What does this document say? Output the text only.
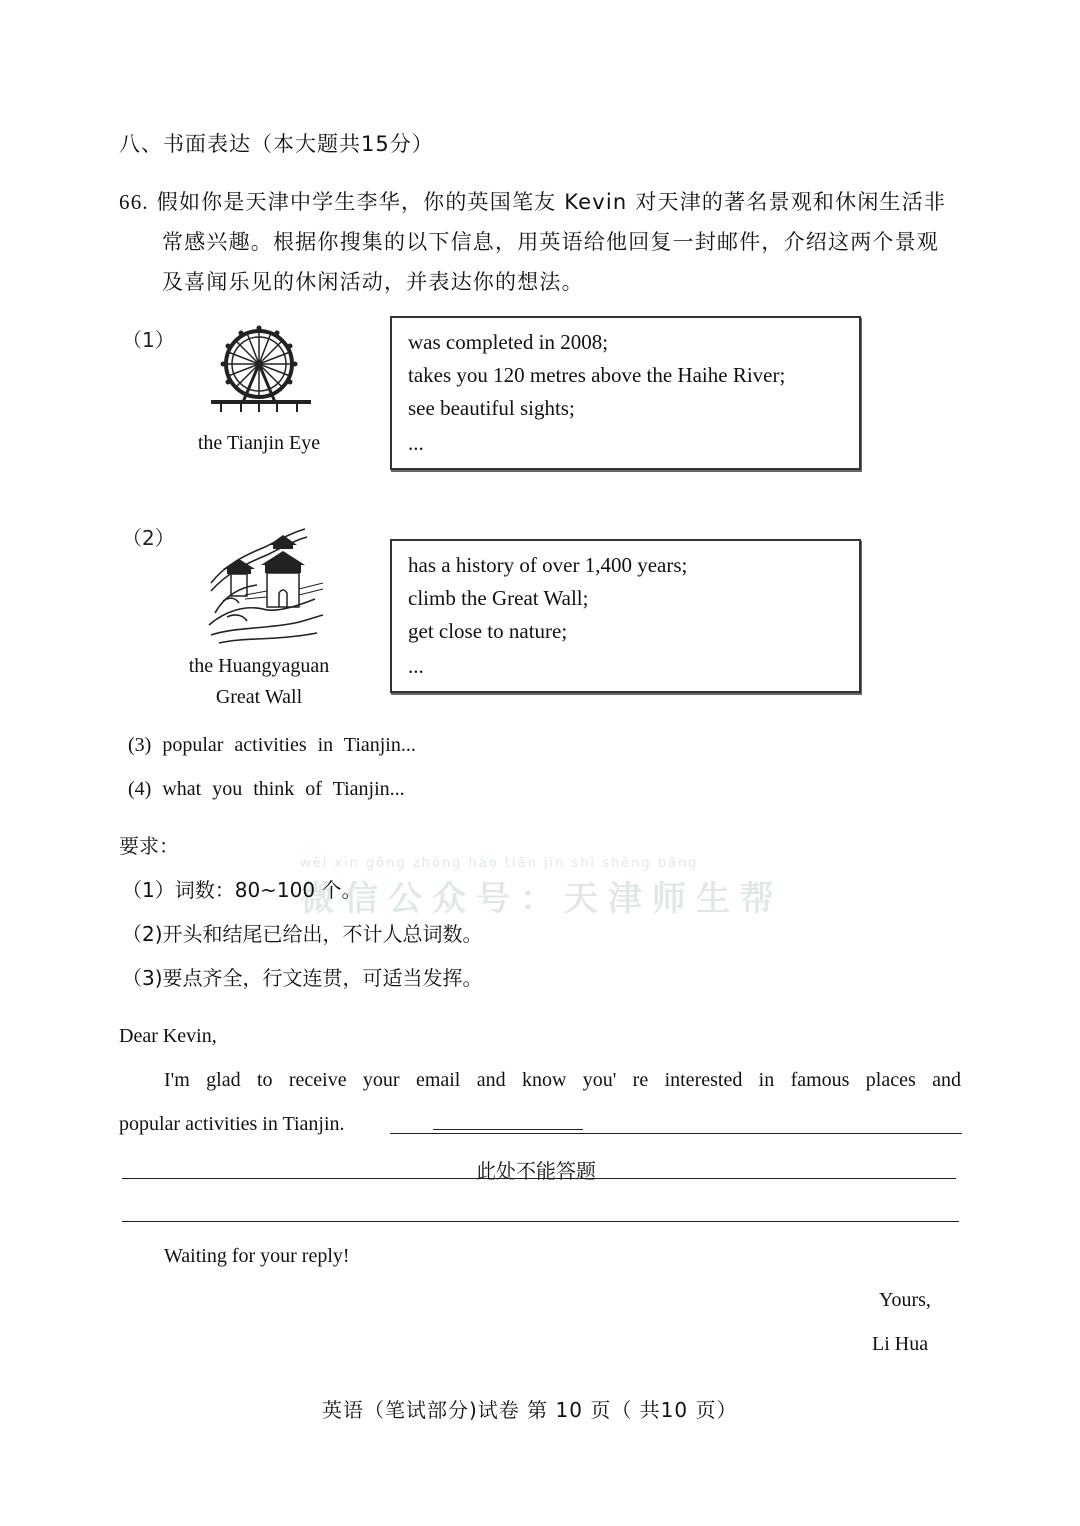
八、书面表达（本大题共15分）
66. 假如你是天津中学生李华，你的英国笔友 Kevin 对天津的著名景观和休闲生活非
常感兴趣。根据你搜集的以下信息，用英语给他回复一封邮件，介绍这两个景观
及喜闻乐见的休闲活动，并表达你的想法。
（1）
the Tianjin Eye
was completed in 2008;
takes you 120 metres above the Haihe River;
see beautiful sights;
...
（2）
the Huangyaguan
Great Wall
has a history of over 1,400 years;
climb the Great Wall;
get close to nature;
...
(3) popular activities in Tianjin...
(4) what you think of Tianjin...
wēi xìn gōng zhòng hào tiān jīn shī shēng bāng
微信公众号：天津师生帮
要求：
（1）词数：80~100 个。
（2)开头和结尾已给出，不计人总词数。
（3)要点齐全，行文连贯，可适当发挥。
Dear Kevin,
I'm glad to receive your email and know you' re interested in famous places and
popular activities in Tianjin.
此处不能答题
Waiting for your reply!
Yours,
Li Hua
英语（笔试部分)试卷 第 10 页（ 共10 页）
